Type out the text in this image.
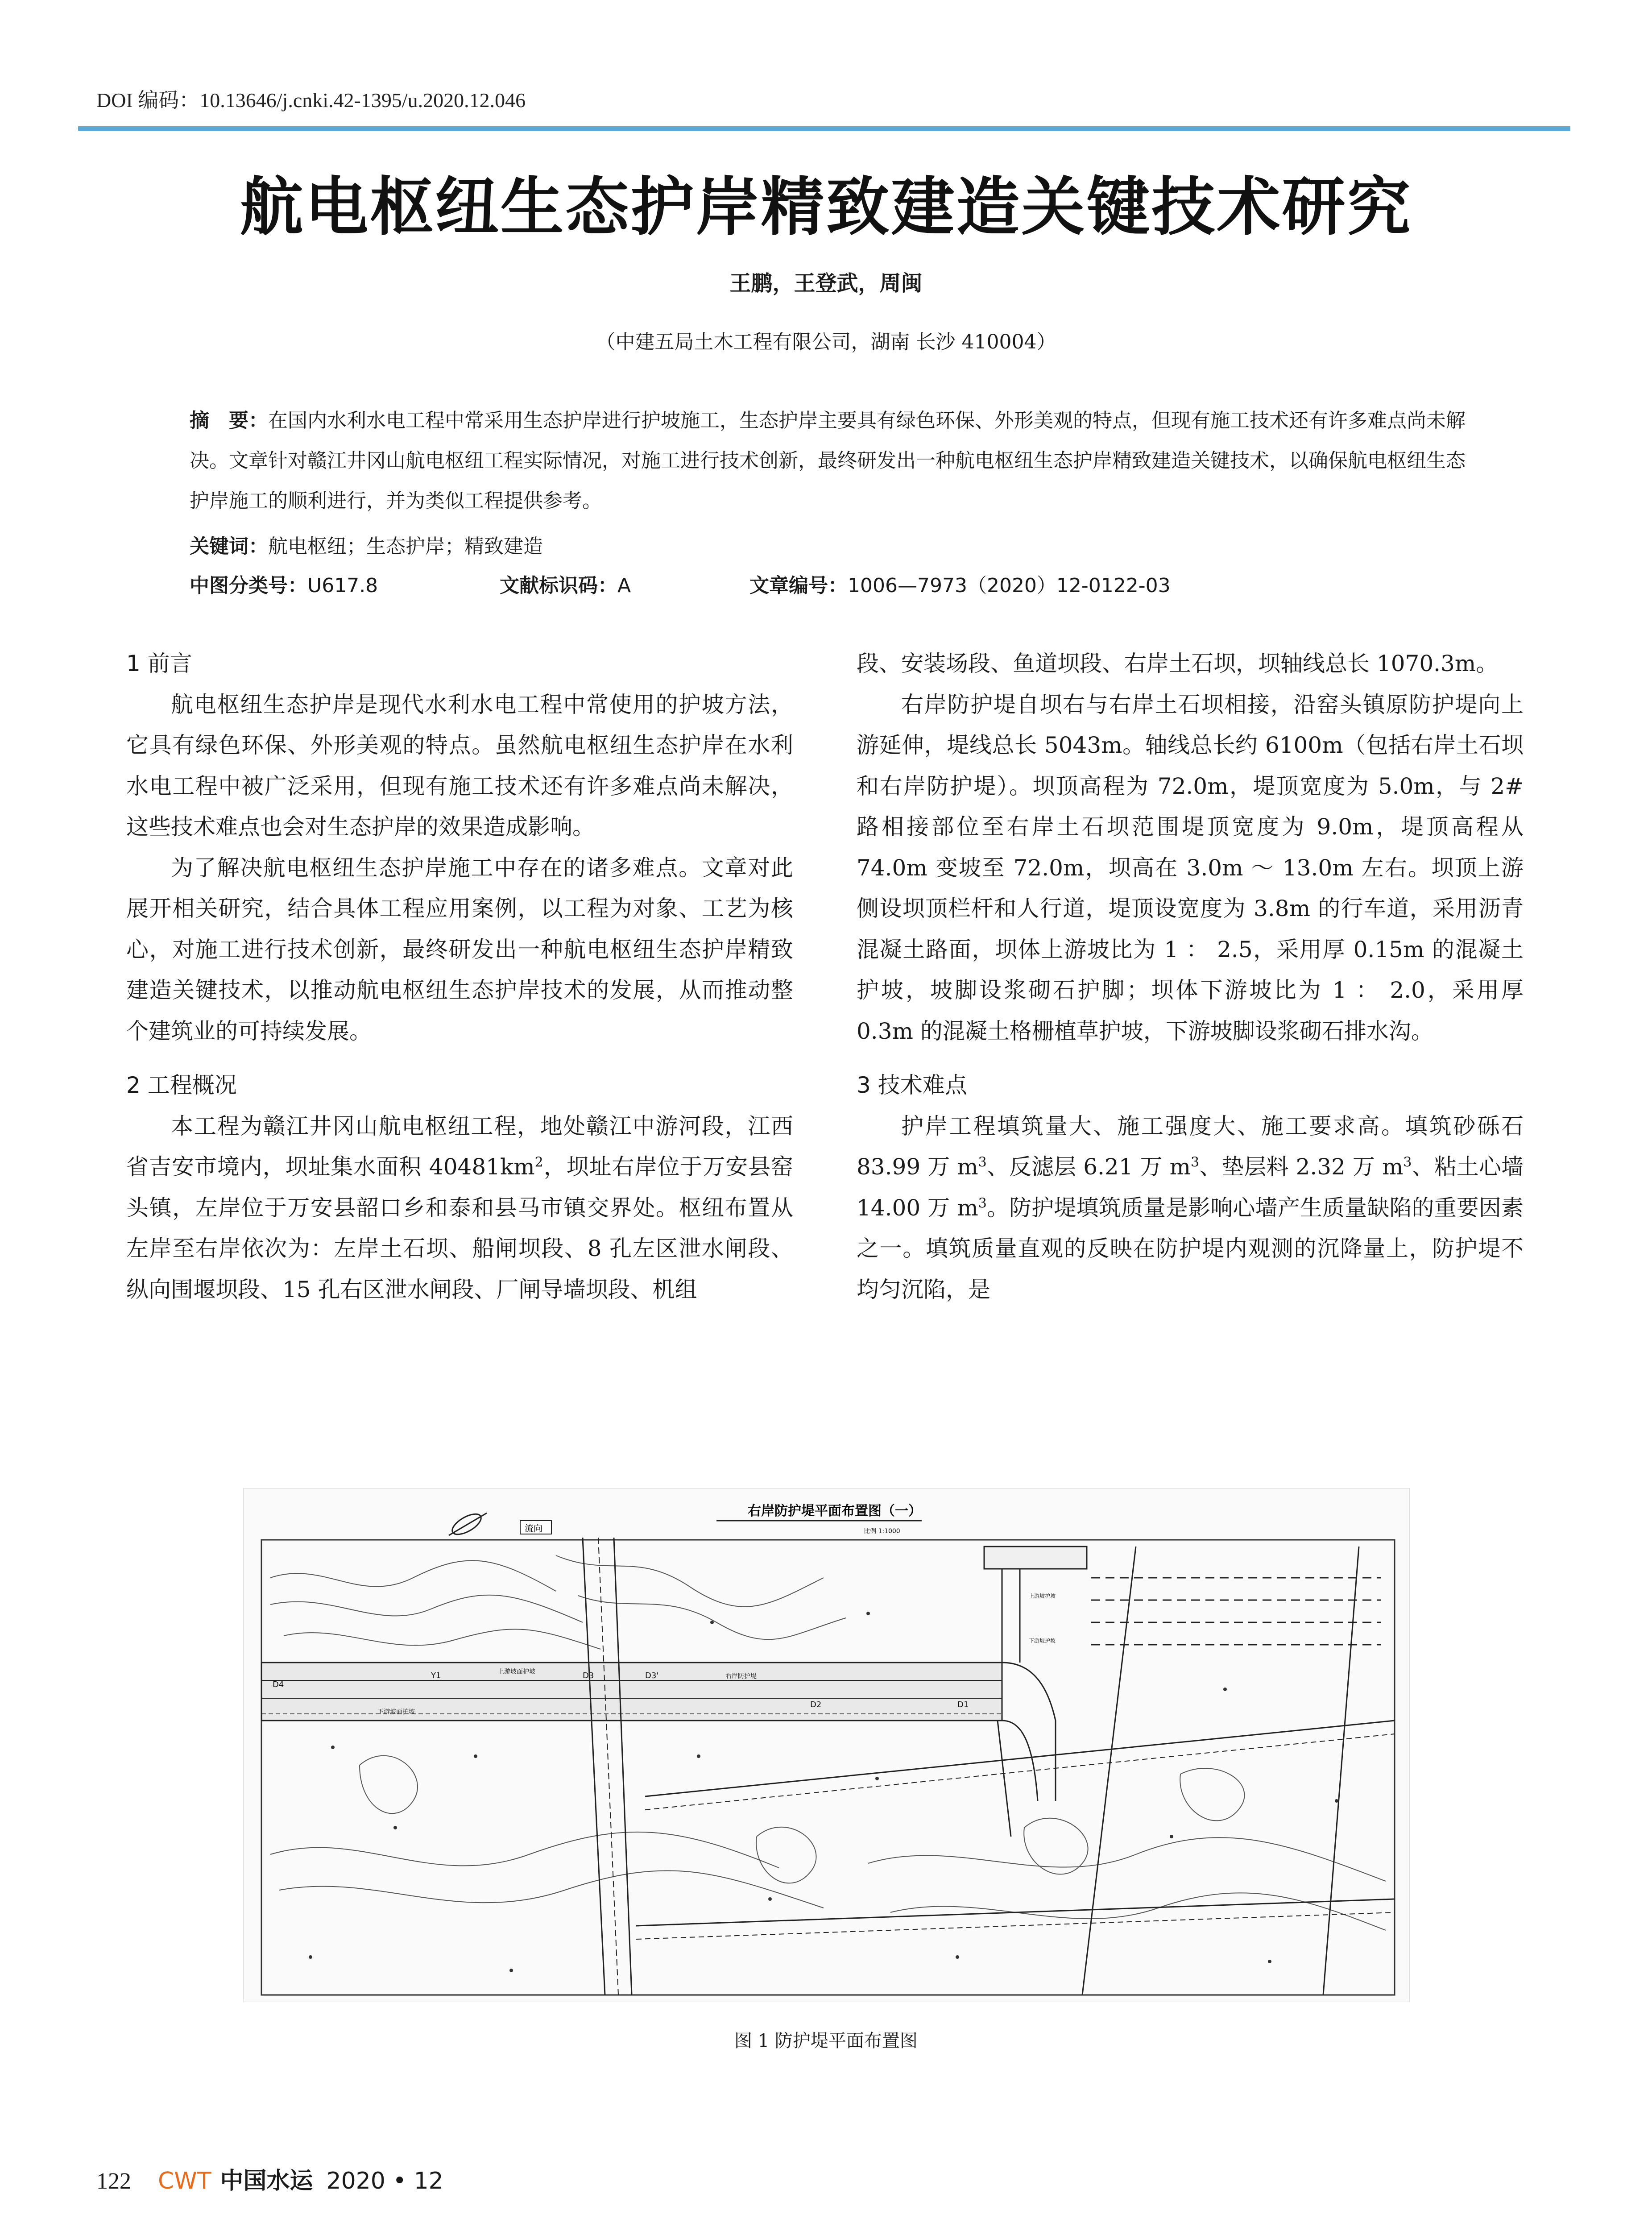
DOI 编码：10.13646/j.cnki.42-1395/u.2020.12.046
航电枢纽生态护岸精致建造关键技术研究
王鹏，王登武，周闽
（中建五局土木工程有限公司，湖南 长沙 410004）

摘　要：在国内水利水电工程中常采用生态护岸进行护坡施工，生态护岸主要具有绿色环保、外形美观的特点，但现有施工技术还有许多难点尚未解决。文章针对赣江井冈山航电枢纽工程实际情况，对施工进行技术创新，最终研发出一种航电枢纽生态护岸精致建造关键技术，以确保航电枢纽生态护岸施工的顺利进行，并为类似工程提供参考。

关键词：航电枢纽；生态护岸；精致建造
中图分类号：U617.8	文献标识码：A	文章编号：1006—7973（2020）12-0122-03
1 前言

航电枢纽生态护岸是现代水利水电工程中常使用的护坡方法，它具有绿色环保、外形美观的特点。虽然航电枢纽生态护岸在水利水电工程中被广泛采用，但现有施工技术还有许多难点尚未解决，这些技术难点也会对生态护岸的效果造成影响。

为了解决航电枢纽生态护岸施工中存在的诸多难点。文章对此展开相关研究，结合具体工程应用案例，以工程为对象、工艺为核心，对施工进行技术创新，最终研发出一种航电枢纽生态护岸精致建造关键技术，以推动航电枢纽生态护岸技术的发展，从而推动整个建筑业的可持续发展。

2 工程概况

本工程为赣江井冈山航电枢纽工程，地处赣江中游河段，江西省吉安市境内，坝址集水面积 $40481km^2$，坝址右岸位于万安县窑头镇，左岸位于万安县韶口乡和泰和县马市镇交界处。枢纽布置从左岸至右岸依次为：左岸土石坝、船闸坝段、8 孔左区泄水闸段、纵向围堰坝段、15 孔右区泄水闸段、厂闸导墙坝段、机组

段、安装场段、鱼道坝段、右岸土石坝，坝轴线总长 1070.3m。

右岸防护堤自坝右与右岸土石坝相接，沿窑头镇原防护堤向上游延伸，堤线总长 5043m。轴线总长约 6100m（包括右岸土石坝和右岸防护堤）。坝顶高程为 72.0m，堤顶宽度为 5.0m，与 2# 路相接部位至右岸土石坝范围堤顶宽度为 9.0m，堤顶高程从 74.0m 变坡至 72.0m，坝高在 3.0m ～ 13.0m 左右。坝顶上游侧设坝顶栏杆和人行道，堤顶设宽度为 3.8m 的行车道，采用沥青混凝土路面，坝体上游坡比为 1 ： 2.5，采用厚 0.15m 的混凝土护坡，坡脚设浆砌石护脚；坝体下游坡比为 1 ： 2.0，采用厚 0.3m 的混凝土格栅植草护坡，下游坡脚设浆砌石排水沟。

3 技术难点

护岸工程填筑量大、施工强度大、施工要求高。填筑砂砾石 83.99 万 $m^3$、反滤层 6.21 万 $m^3$、垫层料 2.32 万 $m^3$、粘土心墙 14.00 万 $m^3$。防护堤填筑质量是影响心墙产生质量缺陷的重要因素之一。填筑质量直观的反映在防护堤内观测的沉降量上，防护堤不均匀沉陷，是

右岸防护堤平面布置图（一）
比例 1:1000
流向
D4
D3
D2	D1
Y1	D3'
上游坡面护坡
下游坡面护坡
右岸防护堤
上游坡护坡
下游坡护坡
图 1 防护堤平面布置图
122 CWT 中国水运 2020 • 12
